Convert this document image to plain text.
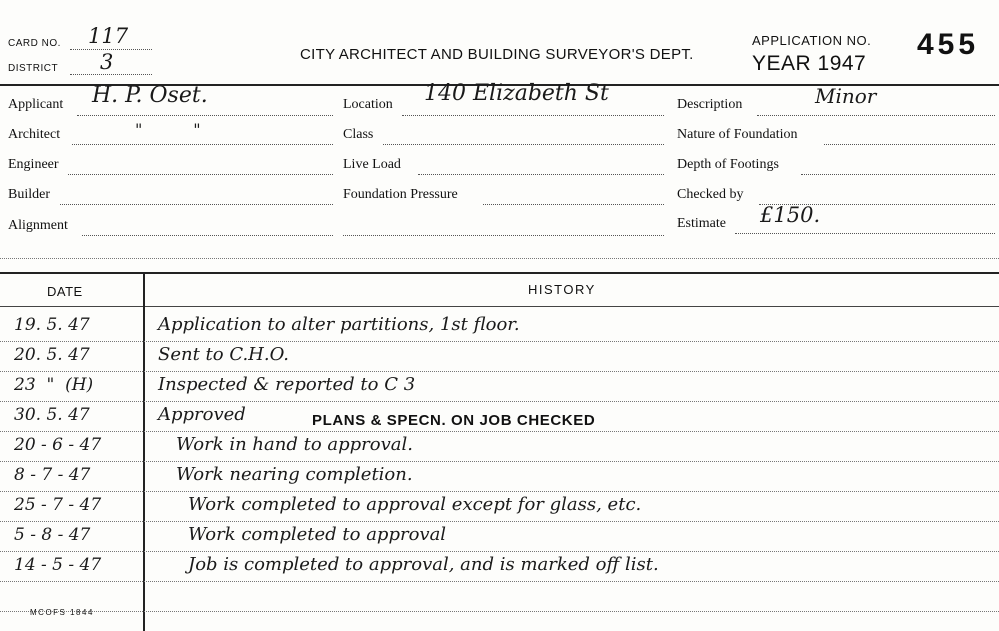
CARD NO. 117
DISTRICT 3	CITY ARCHITECT AND BUILDING SURVEYOR'S DEPT.
APPLICATION NO. 455
YEAR 1947
Applicant H. P. Oset.
Architect	"          "
Engineer
Builder
Alignment
Location 140 Elizabeth St
Class
Live Load
Foundation Pressure
Description	Minor
Nature of Foundation
Depth of Footings
Checked by
Estimate £150.
DATE	HISTORY
19. 5. 47	Application to alter partitions, 1st floor.
20. 5. 47	Sent to C.H.O.
23  "  (H)	Inspected & reported to C 3
30. 5. 47	Approved
20 - 6 - 47	Work in hand to approval.
8 - 7 - 47	Work nearing completion.
25 - 7 - 47	Work completed to approval except for glass, etc.
5 - 8 - 47	Work completed to approval
14 - 5 - 47	Job is completed to approval, and is marked off list.
PLANS & SPECN. ON JOB CHECKED
MCOFS 1844
